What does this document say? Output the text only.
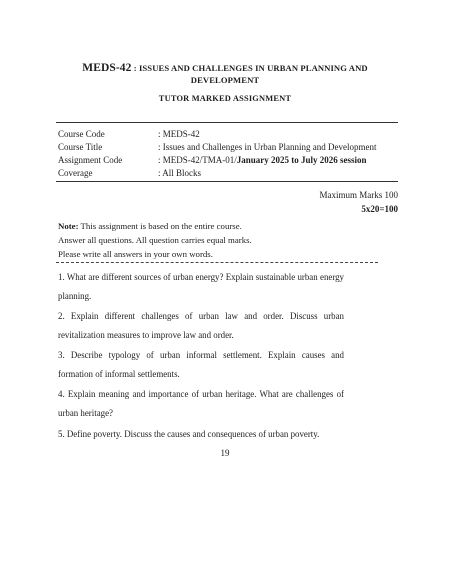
MEDS-42 : ISSUES AND CHALLENGES IN URBAN PLANNING AND DEVELOPMENT
TUTOR MARKED ASSIGNMENT
Course Code	: MEDS-42
Course Title	: Issues and Challenges in Urban Planning and Development
Assignment Code	: MEDS-42/TMA-01/January 2025 to July 2026 session
Coverage	: All Blocks
Maximum Marks 100
5x20=100
Note: This assignment is based on the entire course.
Answer all questions. All question carries equal marks.
Please write all answers in your own words.
1. What are different sources of urban energy? Explain sustainable urban energy planning.
2. Explain different challenges of urban law and order. Discuss urban revitalization measures to improve law and order.
3. Describe typology of urban informal settlement. Explain causes and formation of informal settlements.
4. Explain meaning and importance of urban heritage. What are challenges of urban heritage?
5. Define poverty. Discuss the causes and consequences of urban poverty.
19
